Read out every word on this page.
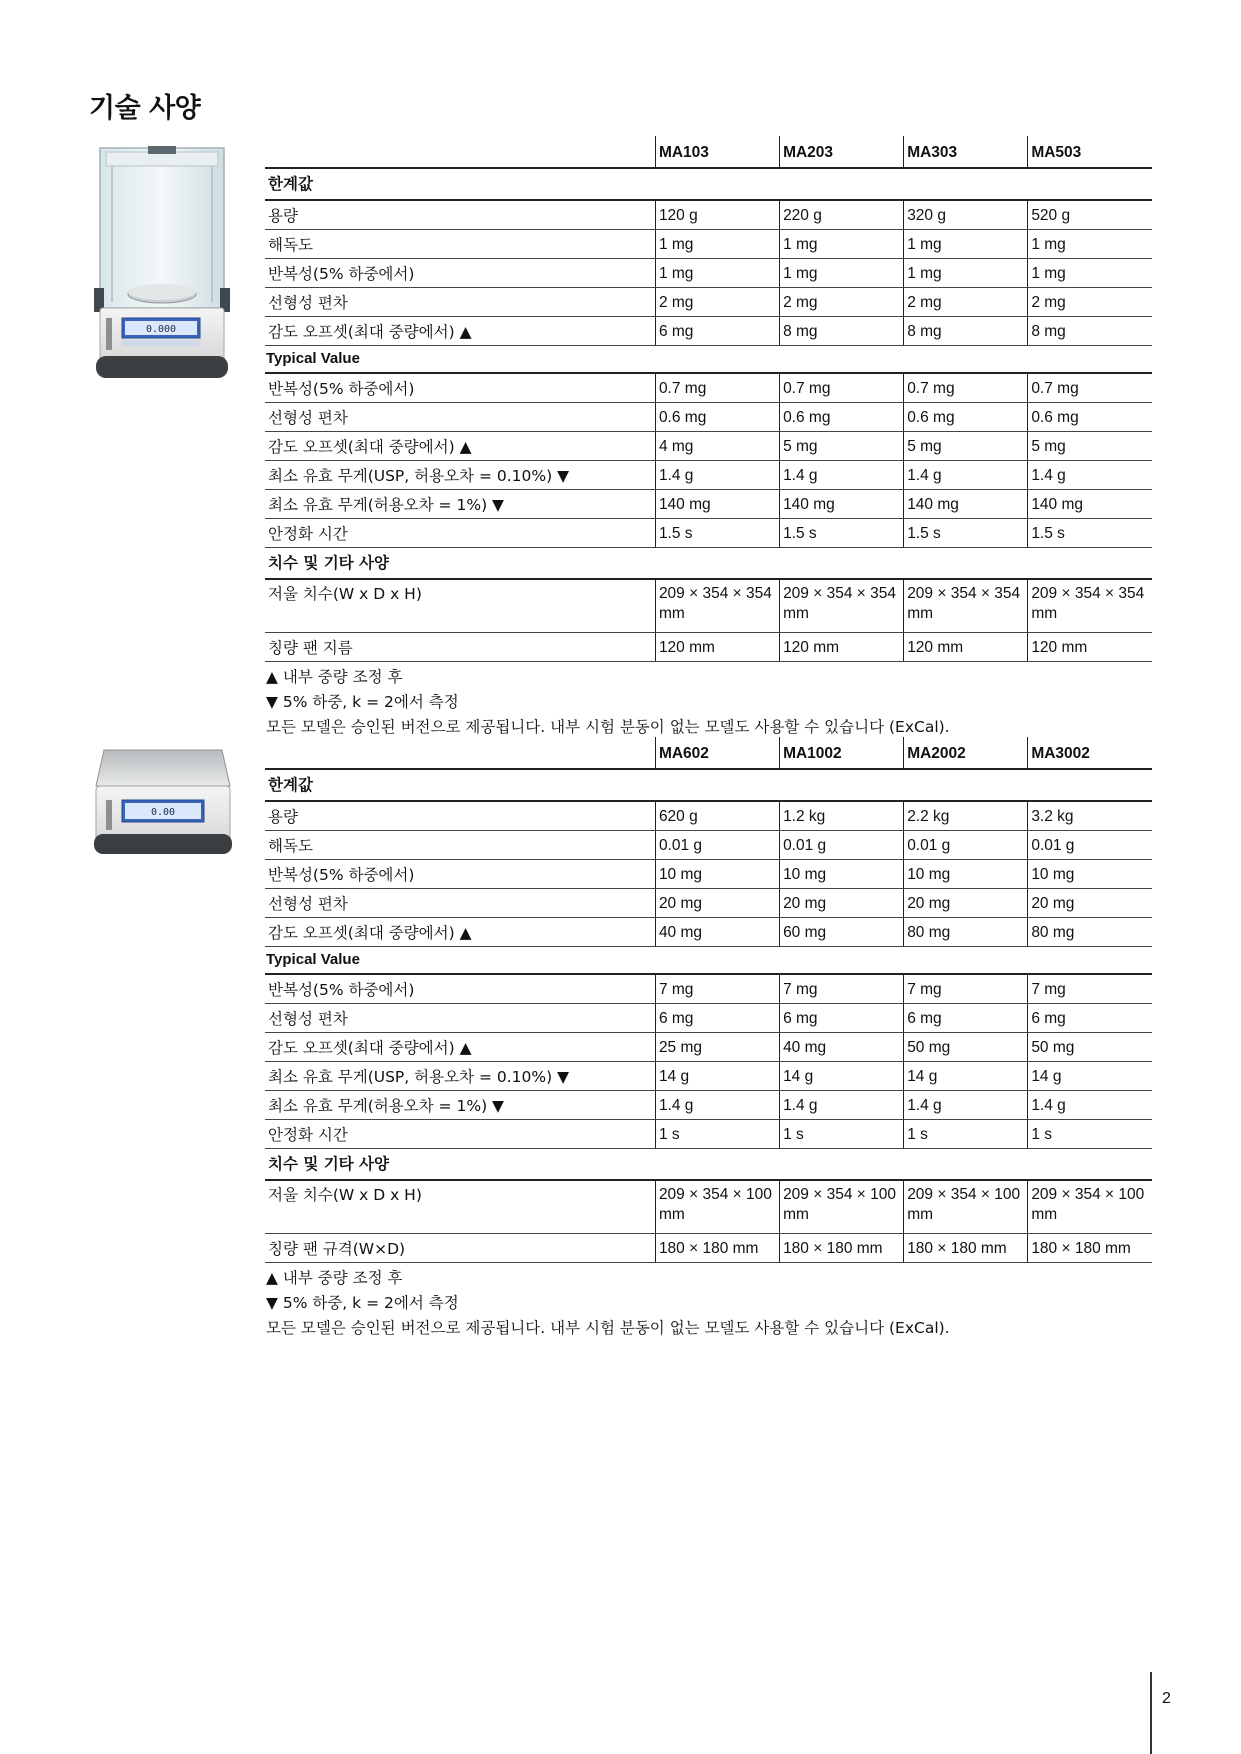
기술 사양
0.000
0.00
	MA103	MA203	MA303	MA503
한계값				
용량	120 g	220 g	320 g	520 g
해독도	1 mg	1 mg	1 mg	1 mg
반복성(5% 하중에서)	1 mg	1 mg	1 mg	1 mg
선형성 편차	2 mg	2 mg	2 mg	2 mg
감도 오프셋(최대 중량에서) ▲	6 mg	8 mg	8 mg	8 mg
Typical Value				
반복성(5% 하중에서)	0.7 mg	0.7 mg	0.7 mg	0.7 mg
선형성 편차	0.6 mg	0.6 mg	0.6 mg	0.6 mg
감도 오프셋(최대 중량에서) ▲	4 mg	5 mg	5 mg	5 mg
최소 유효 무게(USP, 허용오차 = 0.10%) ▼	1.4 g	1.4 g	1.4 g	1.4 g
최소 유효 무게(허용오차 = 1%) ▼	140 mg	140 mg	140 mg	140 mg
안정화 시간	1.5 s	1.5 s	1.5 s	1.5 s
치수 및 기타 사양				
저울 치수(W x D x H)	209 × 354 × 354 mm	209 × 354 × 354 mm	209 × 354 × 354 mm	209 × 354 × 354 mm
칭량 팬 지름	120 mm	120 mm	120 mm	120 mm
▲ 내부 중량 조정 후
▼ 5% 하중, k = 2에서 측정
모든 모델은 승인된 버전으로 제공됩니다. 내부 시험 분동이 없는 모델도 사용할 수 있습니다 (ExCal).
	MA602	MA1002	MA2002	MA3002
한계값				
용량	620 g	1.2 kg	2.2 kg	3.2 kg
해독도	0.01 g	0.01 g	0.01 g	0.01 g
반복성(5% 하중에서)	10 mg	10 mg	10 mg	10 mg
선형성 편차	20 mg	20 mg	20 mg	20 mg
감도 오프셋(최대 중량에서) ▲	40 mg	60 mg	80 mg	80 mg
Typical Value				
반복성(5% 하중에서)	7 mg	7 mg	7 mg	7 mg
선형성 편차	6 mg	6 mg	6 mg	6 mg
감도 오프셋(최대 중량에서) ▲	25 mg	40 mg	50 mg	50 mg
최소 유효 무게(USP, 허용오차 = 0.10%) ▼	14 g	14 g	14 g	14 g
최소 유효 무게(허용오차 = 1%) ▼	1.4 g	1.4 g	1.4 g	1.4 g
안정화 시간	1 s	1 s	1 s	1 s
치수 및 기타 사양				
저울 치수(W x D x H)	209 × 354 × 100 mm	209 × 354 × 100 mm	209 × 354 × 100 mm	209 × 354 × 100 mm
칭량 팬 규격(W×D)	180 × 180 mm	180 × 180 mm	180 × 180 mm	180 × 180 mm
▲ 내부 중량 조정 후
▼ 5% 하중, k = 2에서 측정
모든 모델은 승인된 버전으로 제공됩니다. 내부 시험 분동이 없는 모델도 사용할 수 있습니다 (ExCal).
2
